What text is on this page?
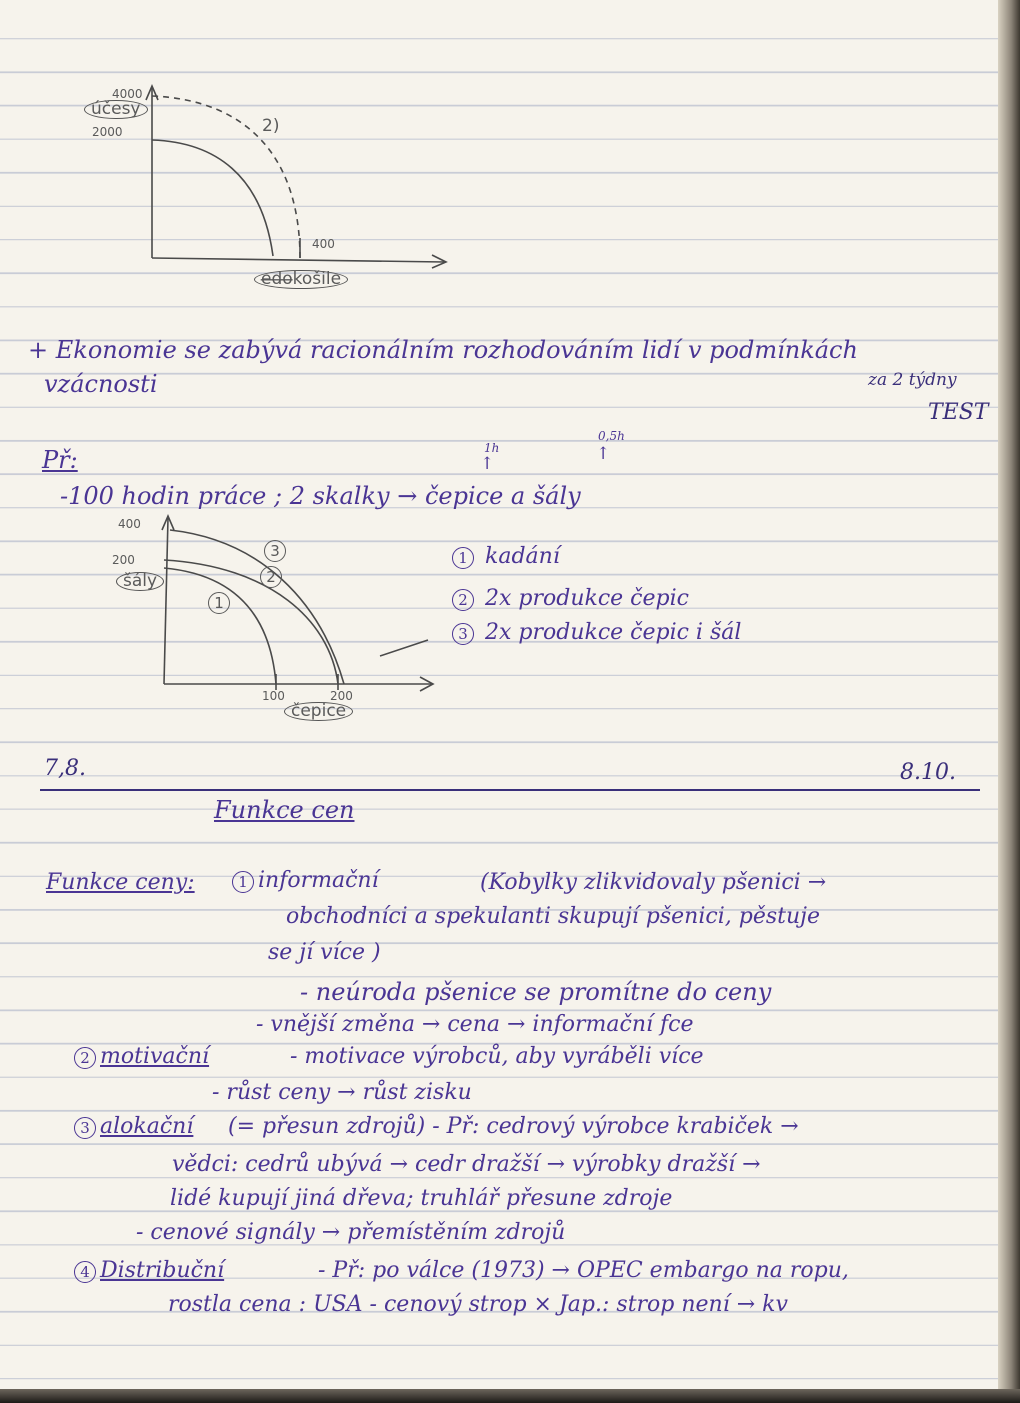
4000
účesy
2000	2)
400
e̶d̶o̶košile
+ Ekonomie se zabývá racionálním rozhodováním lidí v podmínkách
vzácnosti	za 2 týdny
TEST
Př:	1h
0,5h
↑	↑
-100 hodin práce ; 2 skalky → čepice a šály
400
200
šály
1
2
3
100	200
čepice
1 kadání
2 2x produkce čepic
3 2x produkce čepic i šál
7,8.	8.10.
Funkce cen
Funkce ceny:	1 informační	(Kobylky zlikvidovaly pšenici →
obchodníci a spekulanti skupují pšenici, pěstuje
se jí více )
- neúroda pšenice se promítne do ceny
- vnější změna → cena → informační fce
2 motivační	- motivace výrobců, aby vyráběli více
- růst ceny → růst zisku
3 alokační (= přesun zdrojů) - Př: cedrový výrobce krabiček →
vědci: cedrů ubývá → cedr dražší → výrobky dražší →
lidé kupují jiná dřeva; truhlář přesune zdroje
- cenové signály → přemístěním zdrojů
4 Distribuční	- Př: po válce (1973) → OPEC embargo na ropu,
rostla cena : USA - cenový strop × Jap.: strop není → kv
